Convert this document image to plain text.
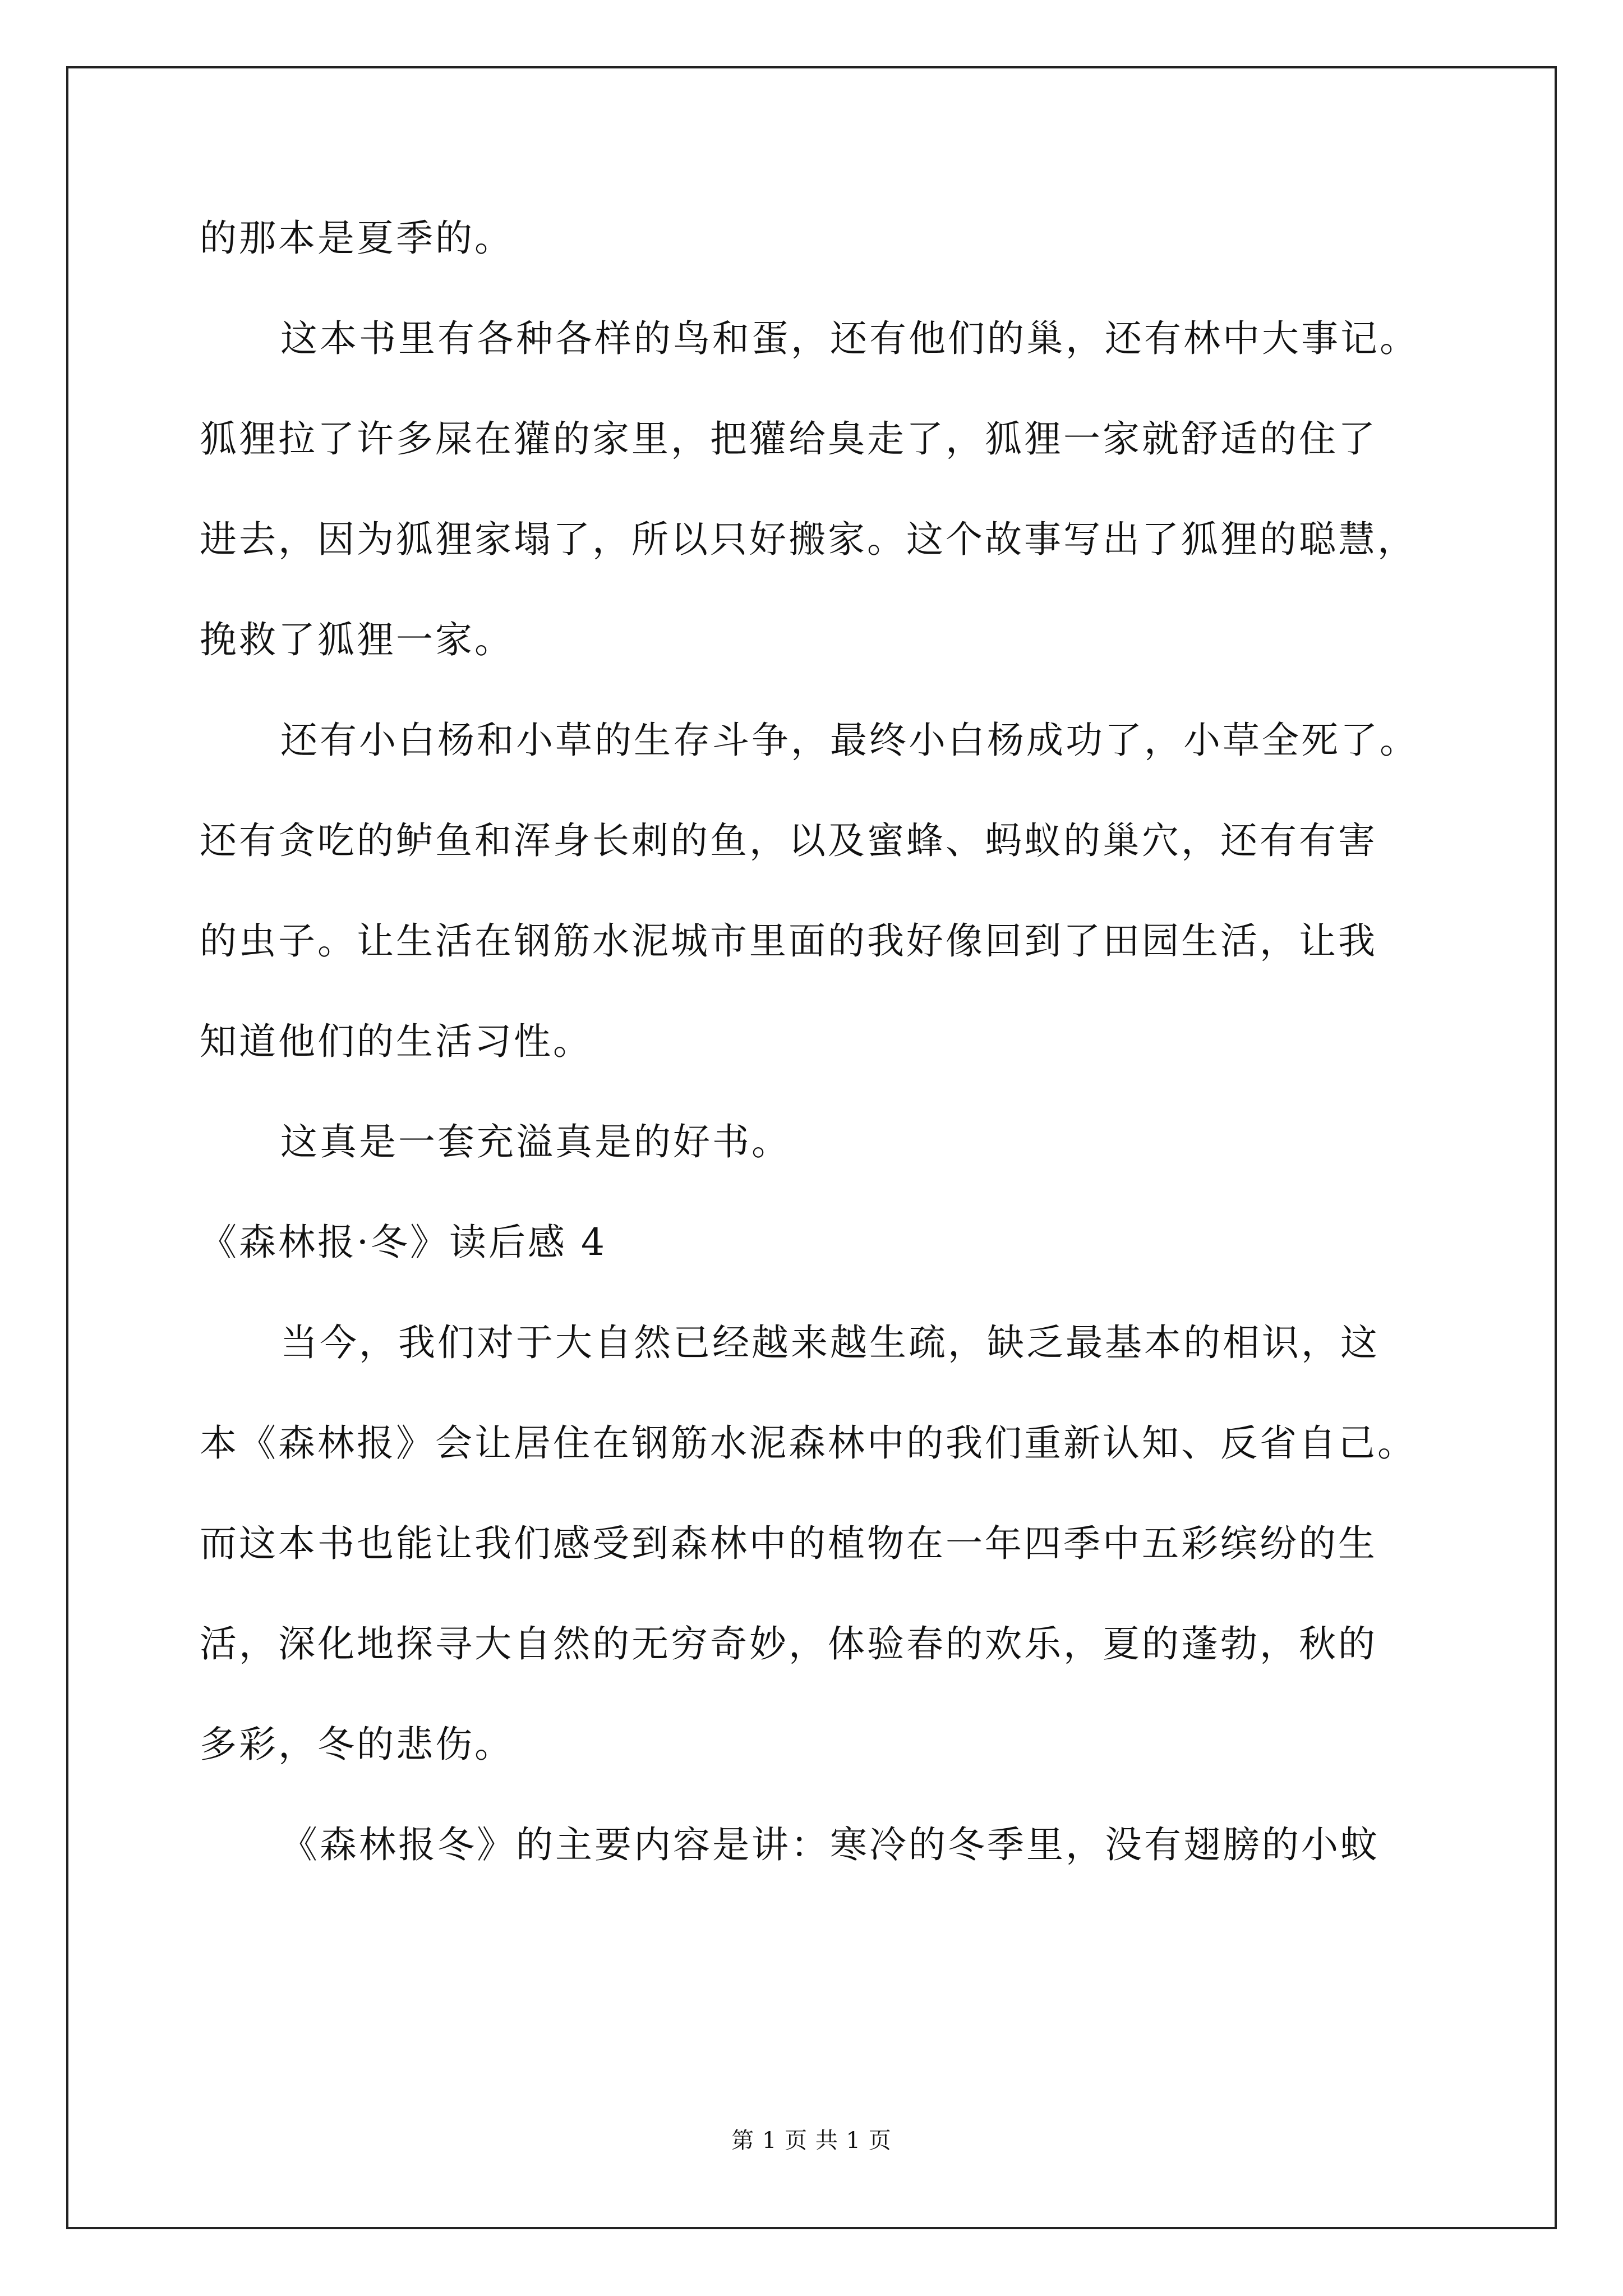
的那本是夏季的。
这本书里有各种各样的鸟和蛋，还有他们的巢，还有林中大事记。
狐狸拉了许多屎在獾的家里，把獾给臭走了，狐狸一家就舒适的住了
进去，因为狐狸家塌了，所以只好搬家。这个故事写出了狐狸的聪慧，
挽救了狐狸一家。
还有小白杨和小草的生存斗争，最终小白杨成功了，小草全死了。
还有贪吃的鲈鱼和浑身长刺的鱼，以及蜜蜂、蚂蚁的巢穴，还有有害
的虫子。让生活在钢筋水泥城市里面的我好像回到了田园生活，让我
知道他们的生活习性。
这真是一套充溢真是的好书。
《森林报·冬》读后感 4
当今，我们对于大自然已经越来越生疏，缺乏最基本的相识，这
本《森林报》会让居住在钢筋水泥森林中的我们重新认知、反省自己。
而这本书也能让我们感受到森林中的植物在一年四季中五彩缤纷的生
活，深化地探寻大自然的无穷奇妙，体验春的欢乐，夏的蓬勃，秋的
多彩，冬的悲伤。
《森林报冬》的主要内容是讲：寒冷的冬季里，没有翅膀的小蚊
第 1 页 共 1 页
